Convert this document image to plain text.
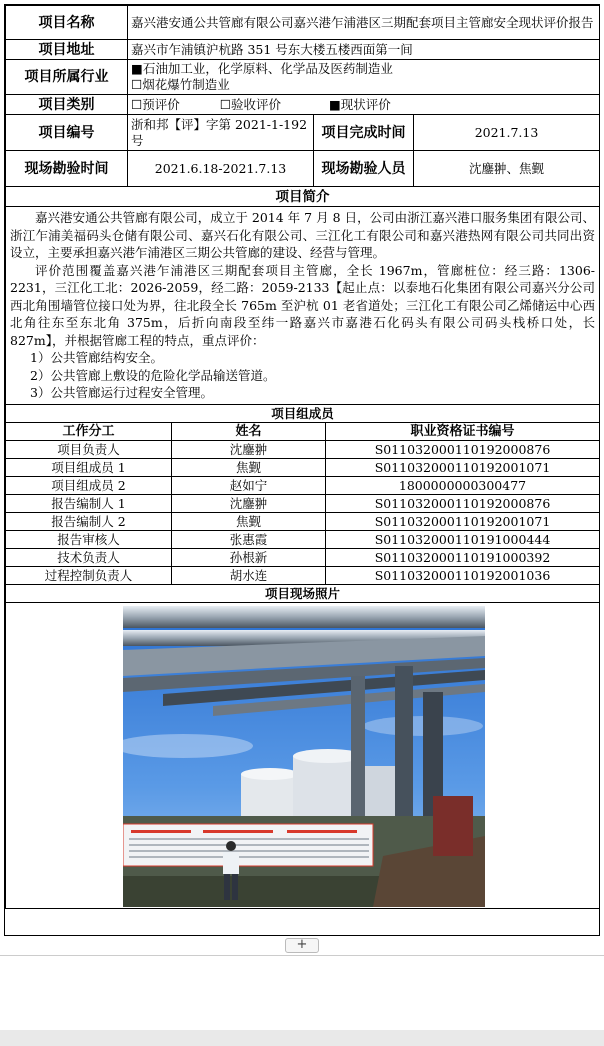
项目名称	嘉兴港安通公共管廊有限公司嘉兴港乍浦港区三期配套项目主管廊安全现状评价报告		
项目地址	嘉兴市乍浦镇沪杭路 351 号东大楼五楼西面第一间		
项目所属行业	■石油加工业，化学原料、化学品及医药制造业
☐烟花爆竹制造业		

项目类别	☐预评价 ☐验收评价 ■现状评价		
项目编号	浙和邦【评】字第 2021-1-192 号	项目完成时间	2021.7.13
现场勘验时间	2021.6.18-2021.7.13	现场勘验人员	沈鏖翀、焦觐
项目简介			

嘉兴港安通公共管廊有限公司，成立于 2014 年 7 月 8 日，公司由浙江嘉兴港口服务集团有限公司、浙江乍浦美福码头仓储有限公司、嘉兴石化有限公司、三江化工有限公司和嘉兴港热网有限公司共同出资设立，主要承担嘉兴港乍浦港区三期公共管廊的建设、经营与管理。

评价范围覆盖嘉兴港乍浦港区三期配套项目主管廊，全长 1967m，管廊桩位：经三路：1306-2231，三江化工北：2026-2059，经二路：2059-2133【起止点：以泰地石化集团有限公司嘉兴分公司西北角围墙管位接口处为界，往北段全长 765m 至沪杭 01 老省道处；三江化工有限公司乙烯储运中心西北角往东至东北角 375m，后折向南段至纬一路嘉兴市嘉港石化码头有限公司码头栈桥口处，长 827m】，并根据管廊工程的特点，重点评价：

1）公共管廊结构安全。

2）公共管廊上敷设的危险化学品输送管道。

3）公共管廊运行过程安全管理。			

项目组成员		
工作分工	姓名	职业资格证书编号
项目负责人	沈鏖翀	S011032000110192000876
项目组成员 1	焦觐	S011032000110192001071
项目组成员 2	赵如宁	1800000000300477
报告编制人 1	沈鏖翀	S011032000110192000876
报告编制人 2	焦觐	S011032000110192001071
报告审核人	张惠霞	S011032000110191000444
技术负责人	孙根新	S011032000110191000392
过程控制负责人	胡水连	S011032000110192001036
项目现场照片		

+
